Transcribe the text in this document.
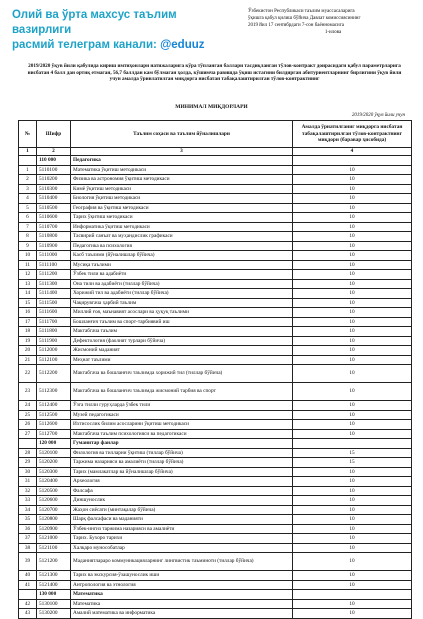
Олий ва ўрта махсус таълим вазирлиги
расмий телеграм канали: @eduuz
Ўзбекистон Республикаси таълим муассасаларига
ўқишга қабул қилиш бўйича Давлат комиссиясининг
2019 йил 17 сентябрдаги 7-сон баённомасига
1-илова
2019/2020 ўқув йили қабулида кириш имтиҳонлари натижаларига кўра тўпланган баллари тасдиқланган тўлов-контракт доирасидаги қабул параметрларига нисбатан 4 балл дан ортиқ етмаган, 56,7 баллдан кам бўлмаган ҳолда, кўшимча равишда ўқиш истагини билдирган абитуриентларнинг бирлигини ўқув йили учун амалда ўринлатилган миқдорга нисбатан табақалаштирилган тўлов-контрактнинг
МИНИМАЛ МИҚДОРЛАРИ
2019/2020 ўқув йили учун
№	Шифр	Таълим соҳаси ва таълим йўналишлари	Амалда ўрнатилганиг миқдорга нисбатан табақалаштирилган тўлов-контрактнинг миқдори (баравар ҳисобида)
1	2	3	4
	110 000	Педагогика	
1	5110100	Математика ўқитиш методикаси	10
2	5110200	Физика ва астрономия ўқитиш методикаси	10
3	5110300	Кимё ўқитиш методикаси	10
4	5110400	Биология ўқитиш методикаси	10
5	5110500	География ва ўқитиш методикаси	10
6	5110600	Тарих ўқитиш методикаси	10
7	5110700	Информатика ўқитиш методикаси	10
8	5110800	Тасвирий санъат ва муҳандислик графикаси	10
9	5110900	Педагогика ва психология	10
10	5111000	Касб таълими (йўналишлар бўйича)	10
11	5111100	Мусиқа таълими	10
12	5111200	Ўзбек тили ва адабиёти	10
13	5111300	Она тили ва адабиёти (тиллар бўйича)	10
14	5111400	Хорижий тил ва адабиёти (тиллар бўйича)	10
15	5111500	Чақирувгача ҳарбий таълим	10
16	5111600	Миллий ғоя, маънавият асослари ва ҳуқуқ таълими	10
17	5111700	Бошланғич таълим ва спорт-тарбиявий иш	10
18	5111800	Мактабгача таълим	10
19	5111900	Дефектология (фаолият турлари бўйича)	10
20	5112000	Жисмоний маданият	10
21	5112100	Меҳнат таълими	10
22	5112200	Мактабгача ва бошланғич таълимда хорижий тил (тиллар бўйича)	10
23	5112300	Мактабгача ва бошланғич таълимда жисмоний тарбия ва спорт	10
24	5112400	Ўзга тилли гуруҳларда ўзбек тили	10
25	5112500	Музей педагогикаси	10
26	5112600	Ихтисослик билим асосларини ўқитиш методикаси	10
27	5112700	Мактабгача таълим психологияси ва педагогикаси	10
	120 000	Гуманитар фанлар	
28	5120100	Филология ва тилларни ўқитиш (тиллар бўйича)	15
29	5120200	Таржима назарияси ва амалиёти (тиллар бўйича)	15
30	5120300	Тарих (мамлакатлар ва йўналишлар бўйича)	10
31	5120400	Археология	10
32	5120500	Фалсафа	10
33	5120600	Диншунослик	10
34	5120700	Жаҳон сиёсати (минтақалар бўйича)	10
35	5120800	Шарқ фалсафаси ва маданияти	10
36	5120900	Ўзбек-ингиз таржима назарияси ва амалиёти	10
37	5121000	Тарих. Бухоро тарихи	10
38	5121100	Халқаро мунособатлар	10
39	5121200	Маданиятлараро коммуникацияларнинг лингвистик таъминоти (тиллар бўйича)	10
40	5121300	Тарих ва экскурсия-ўзашунослик иши	10
41	5121400	Антропология ва этнология	10
	130 000	Математика	
42	5130100	Математика	10
43	5130200	Амалий математика ва информатика	10
